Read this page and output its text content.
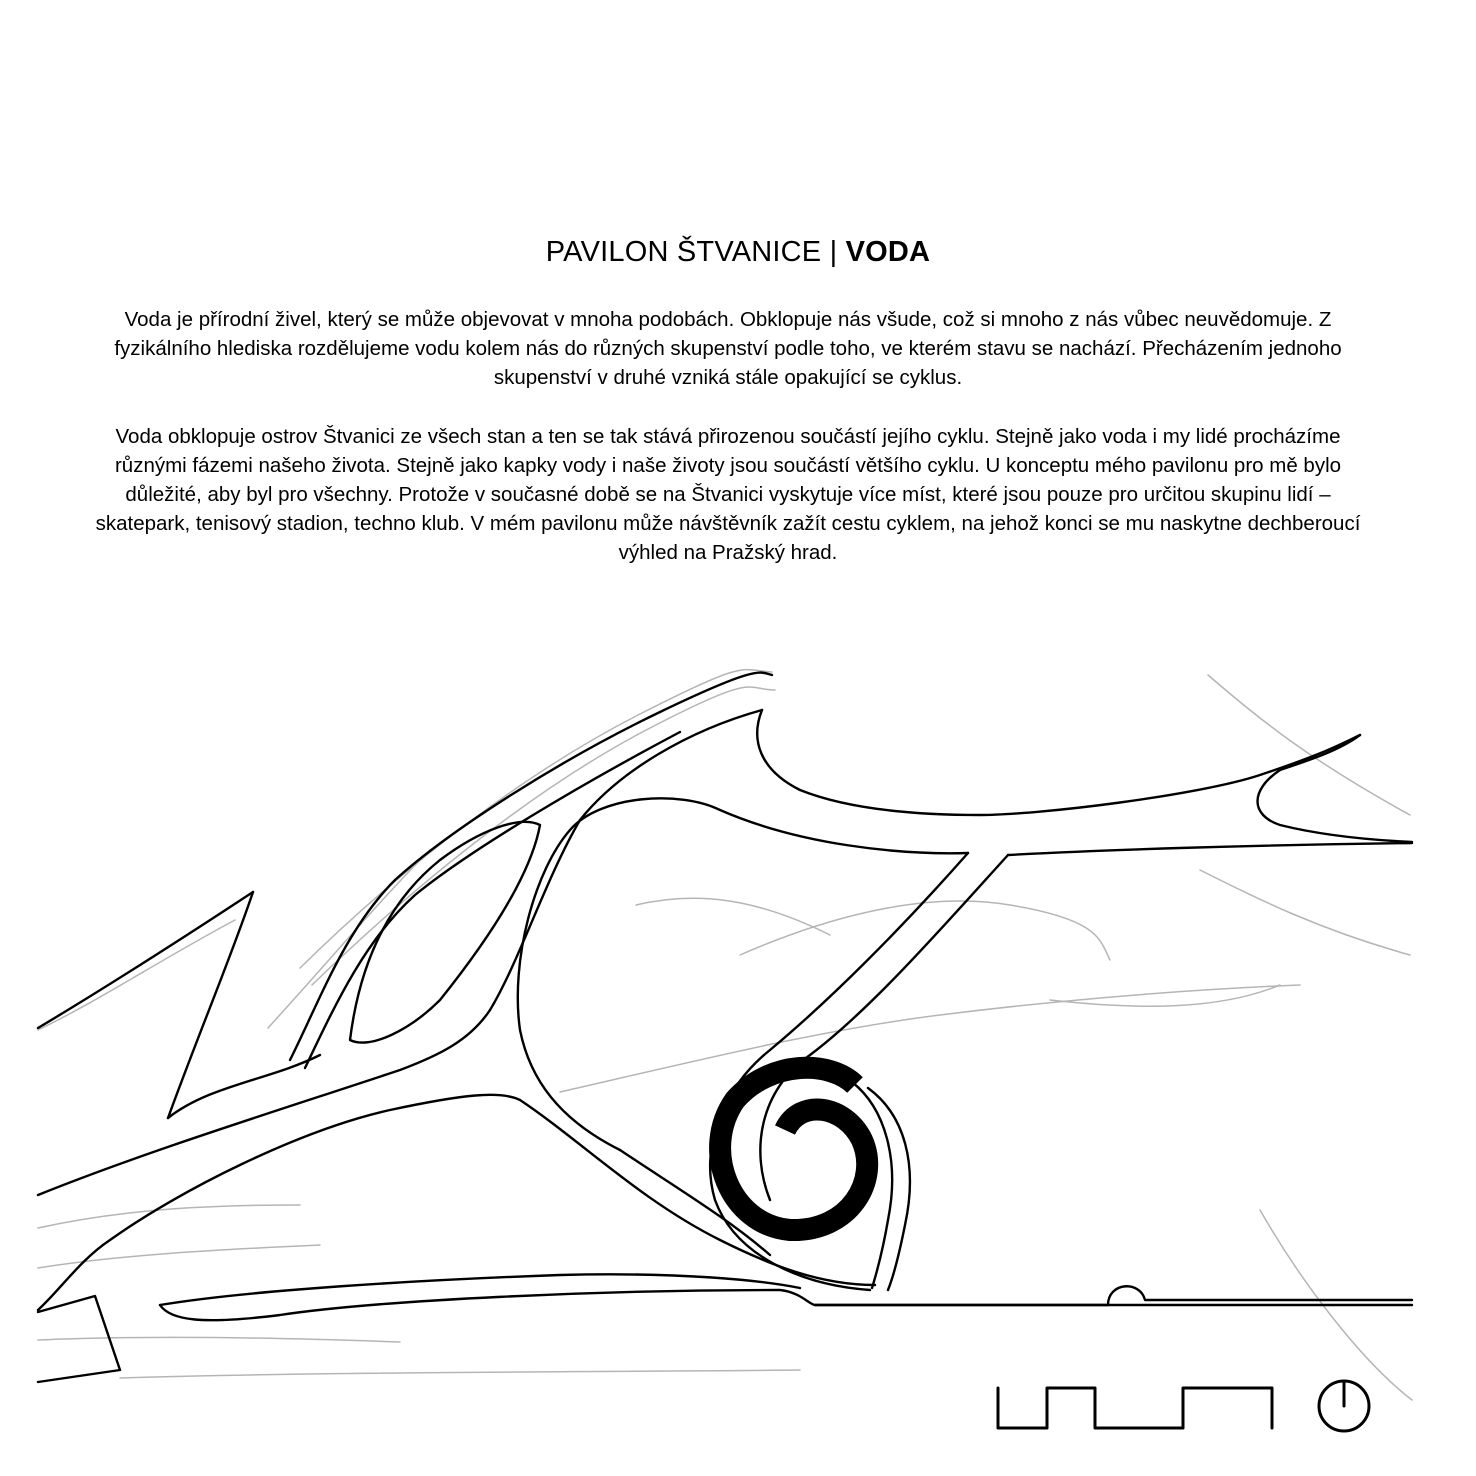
PAVILON ŠTVANICE | VODA

Voda je přírodní živel, který se může objevovat v mnoha podobách. Obklopuje nás všude, což si mnoho z nás vůbec neuvědomuje. Z fyzikálního hlediska rozdělujeme vodu kolem nás do různých skupenství podle toho, ve kterém stavu se nachází. Přecházením jednoho skupenství v druhé vzniká stále opakující se cyklus.

Voda obklopuje ostrov Štvanici ze všech stan a ten se tak stává přirozenou součástí jejího cyklu. Stejně jako voda i my lidé procházíme různými fázemi našeho života. Stejně jako kapky vody i naše životy jsou součástí většího cyklu. U konceptu mého pavilonu pro mě bylo důležité, aby byl pro všechny. Protože v současné době se na Štvanici vyskytuje více míst, které jsou pouze pro určitou skupinu lidí – skatepark, tenisový stadion, techno klub. V mém pavilonu může návštěvník zažít cestu cyklem, na jehož konci se mu naskytne dechberoucí výhled na Pražský hrad.
